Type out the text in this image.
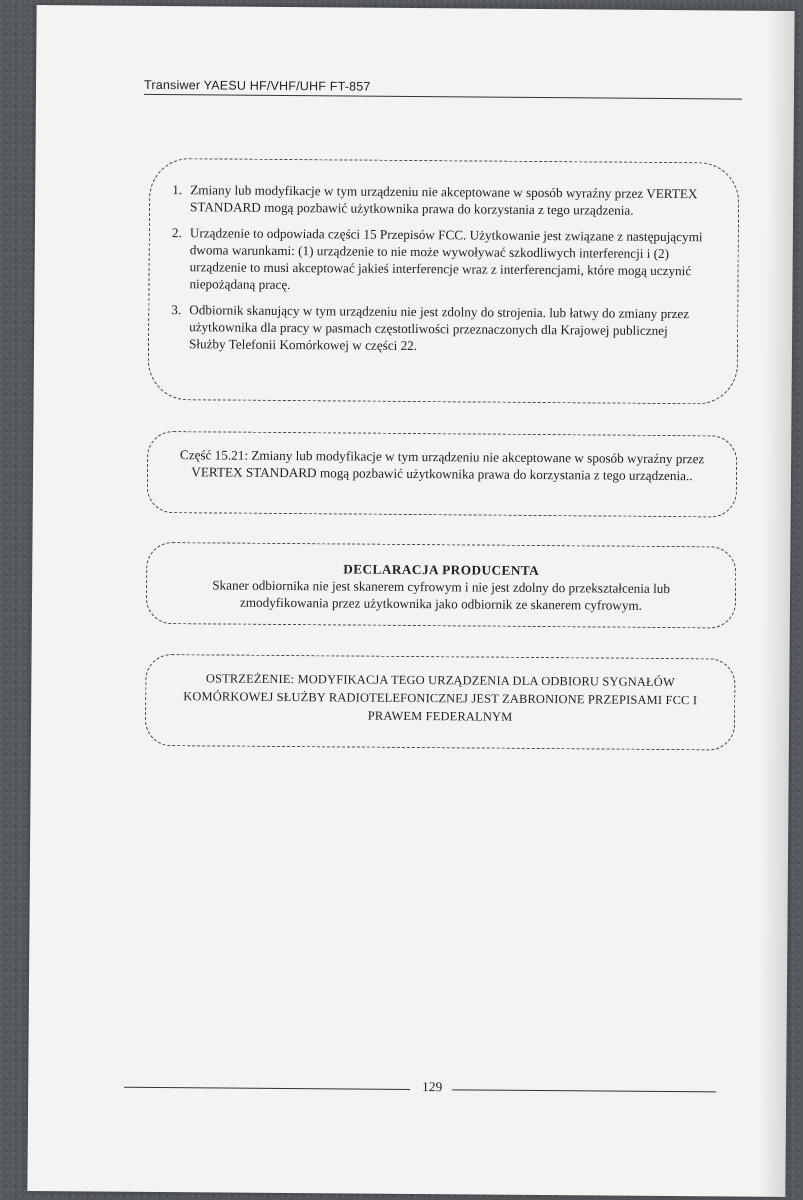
Transiwer YAESU HF/VHF/UHF FT-857
1. Zmiany lub modyfikacje w tym urządzeniu nie akceptowane w sposób wyraźny przez VERTEX STANDARD mogą pozbawić użytkownika prawa do korzystania z tego urządzenia.
2. Urządzenie to odpowiada części 15 Przepisów FCC. Użytkowanie jest związane z następującymi dwoma warunkami: (1) urządzenie to nie może wywoływać szkodliwych interferencji i (2) urządzenie to musi akceptować jakieś interferencje wraz z interferencjami, które mogą uczynić niepożądaną pracę.
3. Odbiornik skanujący w tym urządzeniu nie jest zdolny do strojenia. lub łatwy do zmiany przez użytkownika dla pracy w pasmach częstotliwości przeznaczonych dla Krajowej publicznej Służby Telefonii Komórkowej w części 22.
Część 15.21: Zmiany lub modyfikacje w tym urządzeniu nie akceptowane w sposób wyraźny przez VERTEX STANDARD mogą pozbawić użytkownika prawa do korzystania z tego urządzenia..
DECLARACJA PRODUCENTA
Skaner odbiornika nie jest skanerem cyfrowym i nie jest zdolny do przekształcenia lub zmodyfikowania przez użytkownika jako odbiornik ze skanerem cyfrowym.
OSTRZEŻENIE: MODYFIKACJA TEGO URZĄDZENIA DLA ODBIORU SYGNAŁÓW KOMÓRKOWEJ SŁUŻBY RADIOTELEFONICZNEJ JEST ZABRONIONE PRZEPISAMI FCC I PRAWEM FEDERALNYM
129
